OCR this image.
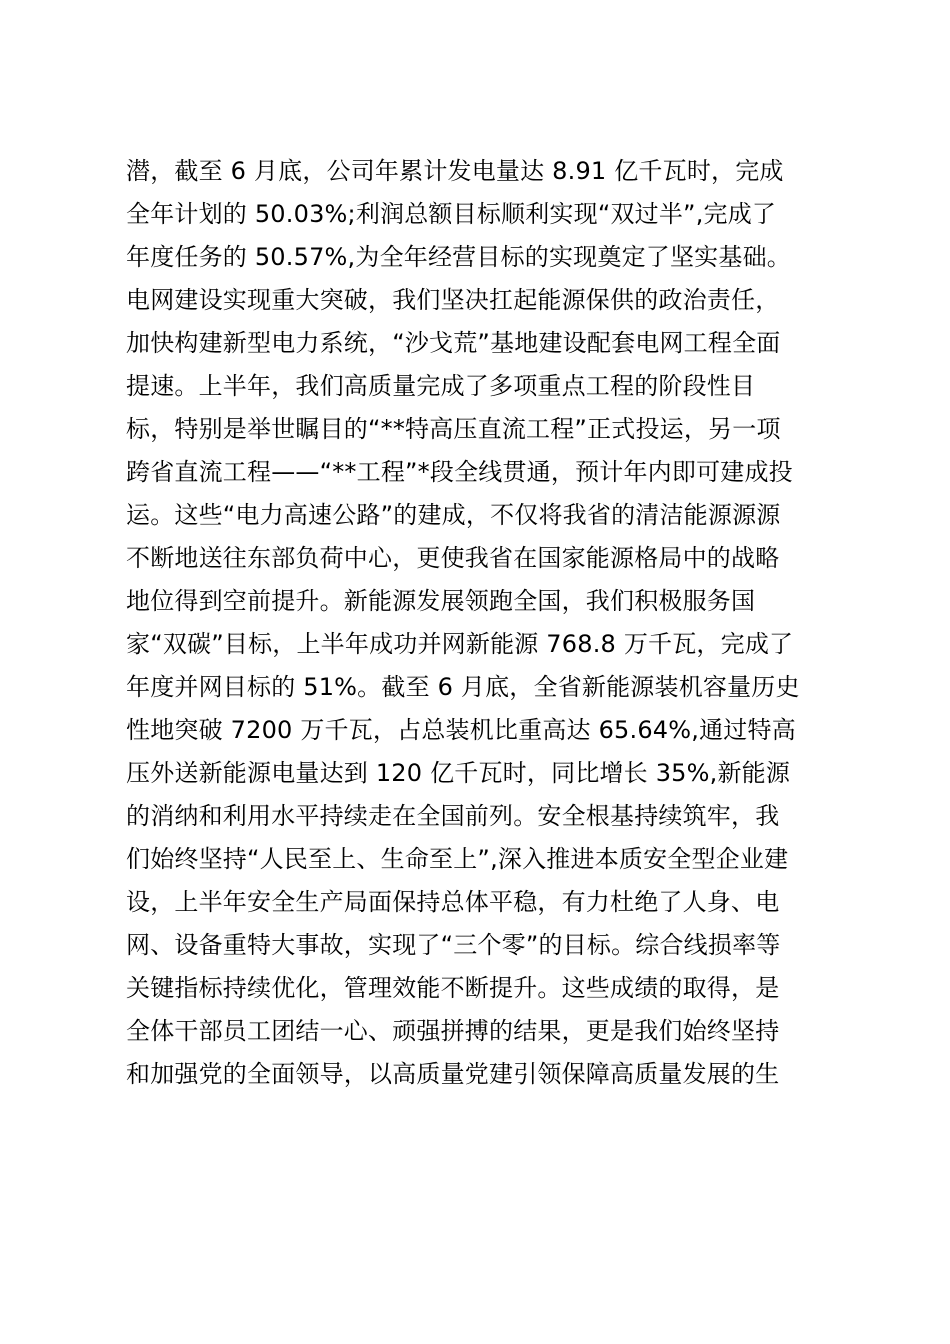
潜，截至 6 月底，公司年累计发电量达 8.91 亿千瓦时，完成
全年计划的 50.03%;利润总额目标顺利实现“双过半”,完成了
年度任务的 50.57%,为全年经营目标的实现奠定了坚实基础。
电网建设实现重大突破，我们坚决扛起能源保供的政治责任，
加快构建新型电力系统，“沙戈荒”基地建设配套电网工程全面
提速。上半年，我们高质量完成了多项重点工程的阶段性目
标，特别是举世瞩目的“**特高压直流工程”正式投运，另一项
跨省直流工程——“**工程”*段全线贯通，预计年内即可建成投
运。这些“电力高速公路”的建成，不仅将我省的清洁能源源源
不断地送往东部负荷中心，更使我省在国家能源格局中的战略
地位得到空前提升。新能源发展领跑全国，我们积极服务国
家“双碳”目标，上半年成功并网新能源 768.8 万千瓦，完成了
年度并网目标的 51%。截至 6 月底，全省新能源装机容量历史
性地突破 7200 万千瓦，占总装机比重高达 65.64%,通过特高
压外送新能源电量达到 120 亿千瓦时，同比增长 35%,新能源
的消纳和利用水平持续走在全国前列。安全根基持续筑牢，我
们始终坚持“人民至上、生命至上”,深入推进本质安全型企业建
设，上半年安全生产局面保持总体平稳，有力杜绝了人身、电
网、设备重特大事故，实现了“三个零”的目标。综合线损率等
关键指标持续优化，管理效能不断提升。这些成绩的取得，是
全体干部员工团结一心、顽强拼搏的结果，更是我们始终坚持
和加强党的全面领导，以高质量党建引领保障高质量发展的生
